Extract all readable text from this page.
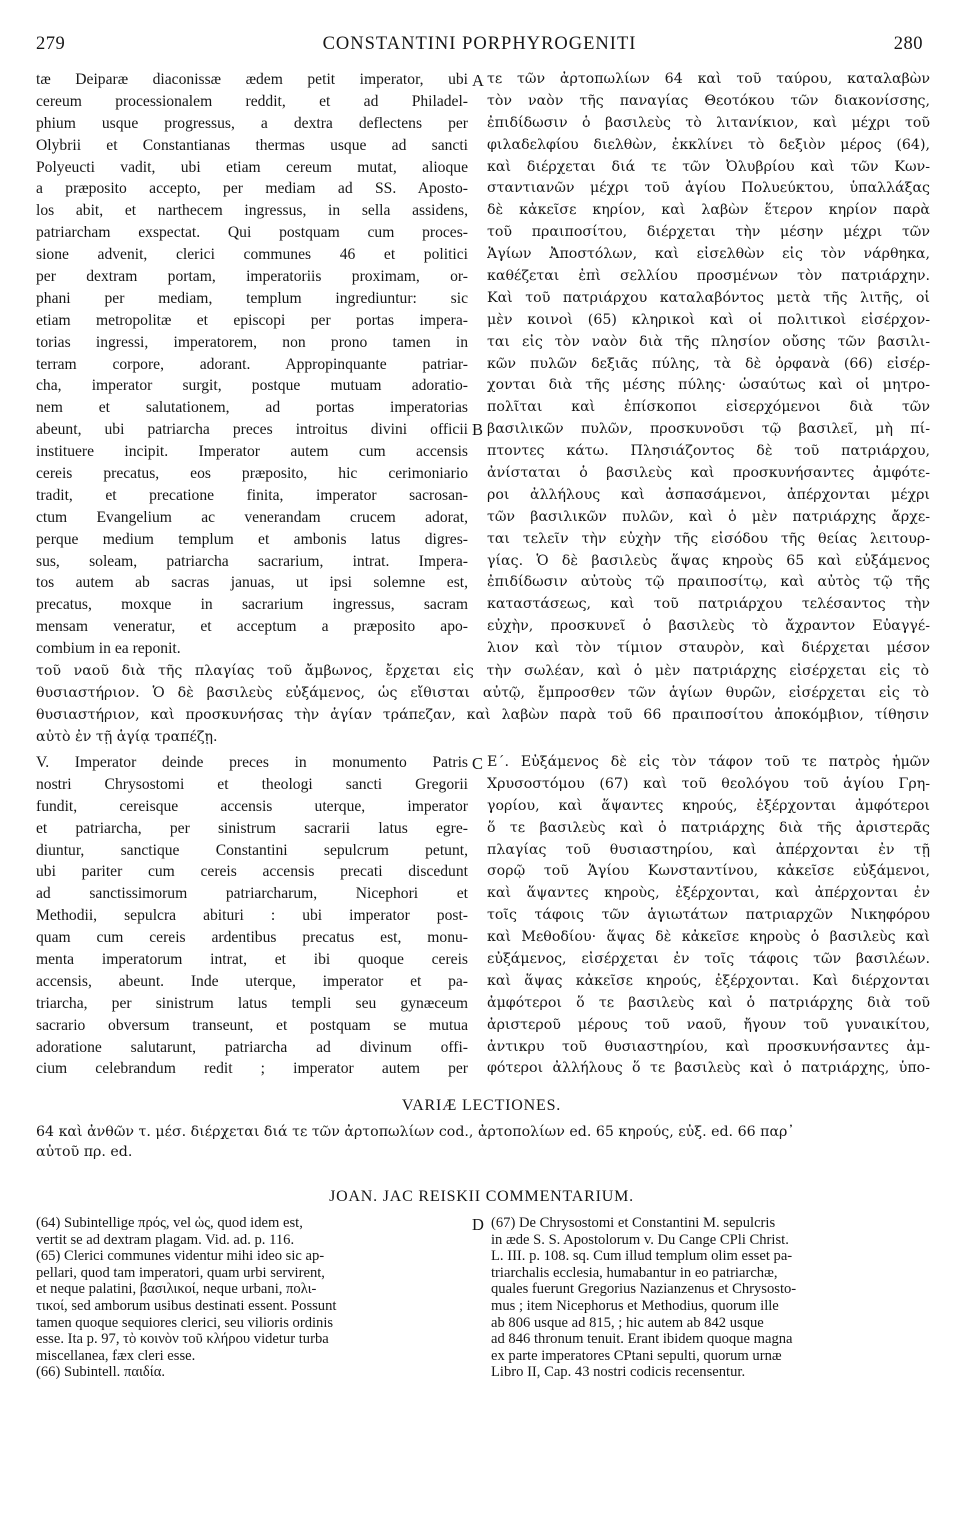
279	CONSTANTINI PORPHYROGENITI	280
tæ Deiparæ diaconissæ ædem petit imperator, ubi
cereum processionalem reddit, et ad Philadel-
phium usque progressus, a dextra deflectens per
Olybrii et Constantianas thermas usque ad sancti
Polyeucti vadit, ubi etiam cereum mutat, alioque
a præposito accepto, per mediam ad SS. Aposto-
los abit, et narthecem ingressus, in sella assidens,
patriarcham exspectat. Qui postquam cum proces-
sione advenit, clerici communes 46 et politici
per dextram portam, imperatoriis proximam, or-
phani per mediam, templum ingrediuntur: sic
etiam metropolitæ et episcopi per portas impera-
torias ingressi, imperatorem, non prono tamen in
terram corpore, adorant. Appropinquante patriar-
cha, imperator surgit, postque mutuam adoratio-
nem et salutationem, ad portas imperatorias
abeunt, ubi patriarcha preces introitus divini officii
instituere incipit. Imperator autem cum accensis
cereis precatus, eos præposito, hic cerimoniario
tradit, et precatione finita, imperator sacrosan-
ctum Evangelium ac venerandam crucem adorat,
perque medium templum et ambonis latus digres-
sus, soleam, patriarcha sacrarium, intrat. Impera-
tos autem ab sacras januas, ut ipsi solemne est,
precatus, moxque in sacrarium ingressus, sacram
mensam veneratur, et acceptum a præposito apo-
combium in ea reponit.
A
B
τε τῶν ἀρτοπωλίων 64 καὶ τοῦ ταύρου, καταλαβὼν
τὸν ναὸν τῆς παναγίας Θεοτόκου τῶν διακονίσσης,
ἐπιδίδωσιν ὁ βασιλεὺς τὸ λιτανίκιον, καὶ μέχρι τοῦ
φιλαδελφίου διελθὼν, ἐκκλίνει τὸ δεξιὸν μέρος (64),
καὶ διέρχεται διά τε τῶν Ὀλυβρίου καὶ τῶν Κων-
σταντιανῶν μέχρι τοῦ ἁγίου Πολυεύκτου, ὑπαλλάξας
δὲ κἀκεῖσε κηρίον, καὶ λαβὼν ἕτερον κηρίον παρὰ
τοῦ πραιποσίτου, διέρχεται τὴν μέσην μέχρι τῶν
Ἁγίων Ἀποστόλων, καὶ εἰσελθὼν εἰς τὸν νάρθηκα,
καθέζεται ἐπὶ σελλίου προσμένων τὸν πατριάρχην.
Καὶ τοῦ πατριάρχου καταλαβόντος μετὰ τῆς λιτῆς, οἱ
μὲν κοινοὶ (65) κληρικοὶ καὶ οἱ πολιτικοὶ εἰσέρχον-
ται εἰς τὸν ναὸν διὰ τῆς πλησίον οὔσης τῶν βασιλι-
κῶν πυλῶν δεξιᾶς πύλης, τὰ δὲ ὀρφανὰ (66) εἰσέρ-
χονται διὰ τῆς μέσης πύλης· ὡσαύτως καὶ οἱ μητρο-
πολῖται καὶ ἐπίσκοποι εἰσερχόμενοι διὰ τῶν
βασιλικῶν πυλῶν, προσκυνοῦσι τῷ βασιλεῖ, μὴ πί-
πτοντες κάτω. Πλησιάζοντος δὲ τοῦ πατριάρχου,
ἀνίσταται ὁ βασιλεὺς καὶ προσκυνήσαντες ἀμφότε-
ροι ἀλλήλους καὶ ἀσπασάμενοι, ἀπέρχονται μέχρι
τῶν βασιλικῶν πυλῶν, καὶ ὁ μὲν πατριάρχης ἄρχε-
ται τελεῖν τὴν εὐχὴν τῆς εἰσόδου τῆς θείας λειτουρ-
γίας. Ὁ δὲ βασιλεὺς ἅψας κηροὺς 65 καὶ εὐξάμενος
ἐπιδίδωσιν αὐτοὺς τῷ πραιποσίτῳ, καὶ αὐτὸς τῷ τῆς
καταστάσεως, καὶ τοῦ πατριάρχου τελέσαντος τὴν
εὐχὴν, προσκυνεῖ ὁ βασιλεὺς τὸ ἄχραντον Εὐαγγέ-
λιον καὶ τὸν τίμιον σταυρὸν, καὶ διέρχεται μέσον
τοῦ ναοῦ διὰ τῆς πλαγίας τοῦ ἄμβωνος, ἔρχεται εἰς τὴν σωλέαν, καὶ ὁ μὲν πατριάρχης εἰσέρχεται εἰς τὸ
θυσιαστήριον. Ὁ δὲ βασιλεὺς εὐξάμενος, ὡς εἴθισται αὐτῷ, ἔμπροσθεν τῶν ἁγίων θυρῶν, εἰσέρχεται εἰς τὸ
θυσιαστήριον, καὶ προσκυνήσας τὴν ἁγίαν τράπεζαν, καὶ λαβὼν παρὰ τοῦ 66 πραιποσίτου ἀποκόμβιον, τίθησιν
αὐτὸ ἐν τῇ ἁγίᾳ τραπέζῃ.
V. Imperator deinde preces in monumento Patris
nostri Chrysostomi et theologi sancti Gregorii
fundit, cereisque accensis uterque, imperator
et patriarcha, per sinistrum sacrarii latus egre-
diuntur, sanctique Constantini sepulcrum petunt,
ubi pariter cum cereis accensis precati discedunt
ad sanctissimorum patriarcharum, Nicephori et
Methodii, sepulcra abituri : ubi imperator post-
quam cum cereis ardentibus precatus est, monu-
menta imperatorum intrat, et ibi quoque cereis
accensis, abeunt. Inde uterque, imperator et pa-
triarcha, per sinistrum latus templi seu gynæceum
sacrario obversum transeunt, et postquam se mutua
adoratione salutarunt, patriarcha ad divinum offi-
cium celebrandum redit ; imperator autem per
C Ε΄. Εὐξάμενος δὲ εἰς τὸν τάφον τοῦ τε πατρὸς ἡμῶν
Χρυσοστόμου (67) καὶ τοῦ θεολόγου τοῦ ἁγίου Γρη-
γορίου, καὶ ἅψαντες κηρούς, ἐξέρχονται ἀμφότεροι
ὅ τε βασιλεὺς καὶ ὁ πατριάρχης διὰ τῆς ἀριστερᾶς
πλαγίας τοῦ θυσιαστηρίου, καὶ ἀπέρχονται ἐν τῇ
σορῷ τοῦ Ἁγίου Κωνσταντίνου, κἀκεῖσε εὐξάμενοι,
καὶ ἅψαντες κηροὺς, ἐξέρχονται, καὶ ἀπέρχονται ἐν
τοῖς τάφοις τῶν ἁγιωτάτων πατριαρχῶν Νικηφόρου
καὶ Μεθοδίου· ἅψας δὲ κἀκεῖσε κηροὺς ὁ βασιλεὺς καὶ
εὐξάμενος, εἰσέρχεται ἐν τοῖς τάφοις τῶν βασιλέων.
καὶ ἅψας κἀκεῖσε κηρούς, ἐξέρχονται. Καὶ διέρχονται
ἀμφότεροι ὅ τε βασιλεὺς καὶ ὁ πατριάρχης διὰ τοῦ
ἀριστεροῦ μέρους τοῦ ναοῦ, ἤγουν τοῦ γυναικίτου,
ἀντικρυ τοῦ θυσιαστηρίου, καὶ προσκυνήσαντες ἀμ-
φότεροι ἀλλήλους ὅ τε βασιλεὺς καὶ ὁ πατριάρχης, ὑπο-
VARIÆ LECTIONES.
64 καὶ ἀνθῶν τ. μέσ. διέρχεται διά τε τῶν ἀρτοπωλίων cod., ἀρτοπολίων ed. 65 κηρούς, εὐξ. ed. 66 παρ᾽
αὐτοῦ πρ. ed.
JOAN. JAC REISKII COMMENTARIUM.
(64) Subintellige πρός, vel ὡς, quod idem est,
vertit se ad dextram plagam. Vid. ad. p. 116.
(65) Clerici communes videntur mihi ideo sic ap-
pellari, quod tam imperatori, quam urbi servirent,
et neque palatini, βασιλικοί, neque urbani, πολι-
τικοί, sed amborum usibus destinati essent. Possunt
tamen quoque sequiores clerici, seu vilioris ordinis
esse. Ita p. 97, τὸ κοινὸν τοῦ κλήρου videtur turba
miscellanea, fæx cleri esse.
(66) Subintell. παιδία.
D (67) De Chrysostomi et Constantini M. sepulcris
in æde S. S. Apostolorum v. Du Cange CPli Christ.
L. III. p. 108. sq. Cum illud templum olim esset pa-
triarchalis ecclesia, humabantur in eo patriarchæ,
quales fuerunt Gregorius Nazianzenus et Chrysosto-
mus ; item Nicephorus et Methodius, quorum ille
ab 806 usque ad 815, ; hic autem ab 842 usque
ad 846 thronum tenuit. Erant ibidem quoque magna
ex parte imperatores CPtani sepulti, quorum urnæ
Libro II, Cap. 43 nostri codicis recensentur.
